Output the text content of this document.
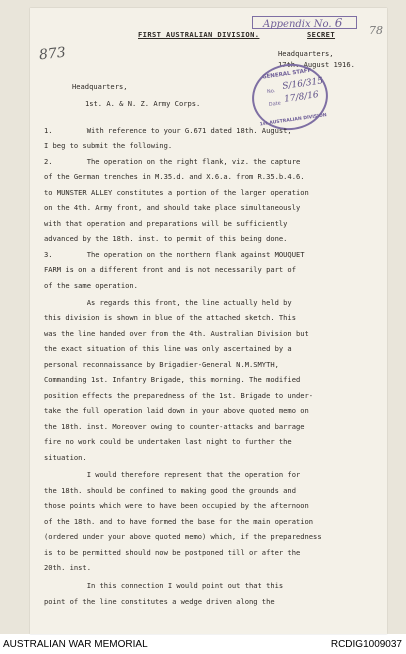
873
78
Appendix No. 6
FIRST AUSTRALIAN DIVISION.	SECRET
Headquarters,
17th. August 1916.
Headquarters,
1st. A. & N. Z. Army Corps.
GENERAL STAFF
No. S/16/315
Date 17/8/16
1st AUSTRALIAN DIVISION
1.        With reference to your G.671 dated 18th. August,
I beg to submit the following.
2.        The operation on the right flank, viz. the capture
of the German trenches in M.35.d. and X.6.a. from R.35.b.4.6.
to MUNSTER ALLEY constitutes a portion of the larger operation
on the 4th. Army front, and should take place simultaneously
with that operation and preparations will be sufficiently
advanced by the 18th. inst. to permit of this being done.
3.        The operation on the northern flank against MOUQUET
FARM is on a different front and is not necessarily part of
of the same operation.
As regards this front, the line actually held by
this division is shown in blue of the attached sketch. This
was the line handed over from the 4th. Australian Division but
the exact situation of this line was only ascertained by a
personal reconnaissance by Brigadier-General N.M.SMYTH,
Commanding 1st. Infantry Brigade, this morning. The modified
position effects the preparedness of the 1st. Brigade to under-
take the full operation laid down in your above quoted memo on
the 18th. inst. Moreover owing to counter-attacks and barrage
fire no work could be undertaken last night to further the
situation.
I would therefore represent that the operation for
the 18th. should be confined to making good the grounds and
those points which were to have been occupied by the afternoon
of the 18th. and to have formed the base for the main operation
(ordered under your above quoted memo) which, if the preparedness
is to be permitted should now be postponed till or after the
20th. inst.
In this connection I would point out that this
point of the line constitutes a wedge driven along the
AUSTRALIAN WAR MEMORIAL	RCDIG1009037
